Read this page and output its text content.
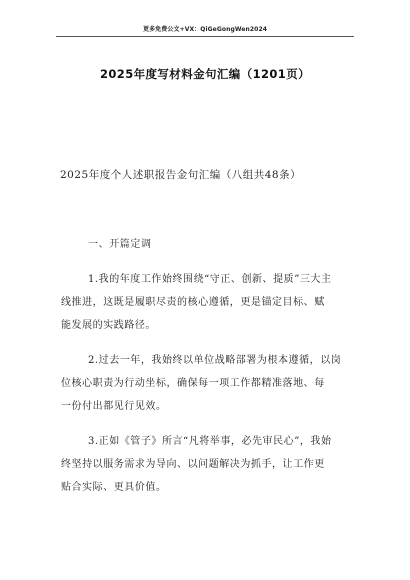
更多免费公文+VX：QiGeGongWen2024
2025年度写材料金句汇编（1201页）
2025年度个人述职报告金句汇编（八组共48条）
一、开篇定调
1.我的年度工作始终围绕“守正、创新、提质”三大主
线推进，这既是履职尽责的核心遵循，更是锚定目标、赋
能发展的实践路径。
2.过去一年，我始终以单位战略部署为根本遵循，以岗
位核心职责为行动坐标，确保每一项工作都精准落地、每
一份付出都见行见效。
3.正如《管子》所言“凡将举事，必先审民心”，我始
终坚持以服务需求为导向、以问题解决为抓手，让工作更
贴合实际、更具价值。
